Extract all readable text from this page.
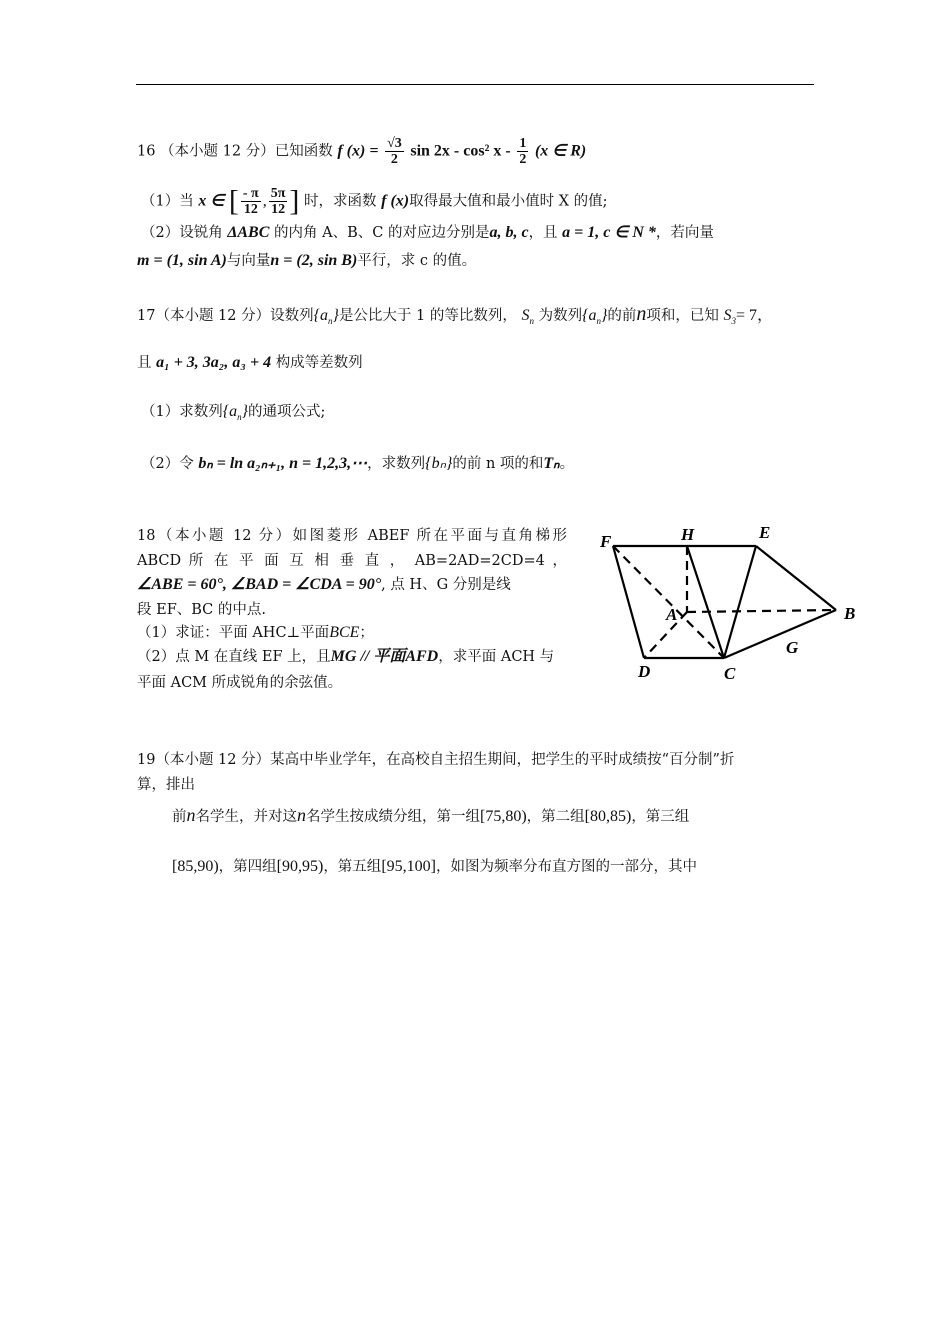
16 （本小题 12 分）已知函数 f $(x) = \frac{√3}{2}$ sin 2x - cos² x - $\frac{1}{2} (x$ ∈ R)
（1）当 x ∈ [ $\frac{- \pi}{12}$ , $\frac{5\pi}{12}$ ] 时，求函数 f (x)取得最大值和最小值时 X 的值;
（2）设锐角 ΔABC 的内角 A、B、C 的对应边分别是a, b, c，且 a = 1, c ∈ N *，若向量
m = (1, sin A)与向量n = (2, sin B)平行，求 c 的值。
17（本小题 12 分）设数列$\{a_n\}$是公比大于 1 的等比数列， $S_n$ 为数列$\{a_n\}$的前n项和，已知 $S_3= 7$，
且 a₁ + 3, 3a₂, a₃ + 4 构成等差数列
（1）求数列$\{a_n\}$的通项公式;
（2）令 bₙ = ln a₂ₙ₊₁, n = 1,2,3,⋯，求数列{bₙ}的前 n 项的和Tₙ。
18（本小题 12 分）如图菱形 ABEF 所在平面与直角梯形
ABCD 所 在 平 面 互 相 垂 直 ， AB=2AD=2CD=4 ，
∠ABE = 60°, ∠BAD = ∠CDA = 90°, 点 H、G 分别是线
段 EF、BC 的中点.
（1）求证：平面 AHC⊥平面BCE；
（2）点 M 在直线 EF 上，且MG // 平面AFD，求平面 ACH 与
平面 ACM 所成锐角的余弦值。
F	H	E
A	B
G
D	C
19（本小题 12 分）某高中毕业学年，在高校自主招生期间，把学生的平时成绩按“百分制”折
算，排出
前n名学生，并对这n名学生按成绩分组，第一组[75,80)，第二组[80,85)，第三组
[85,90)，第四组[90,95)，第五组[95,100]，如图为频率分布直方图的一部分，其中
